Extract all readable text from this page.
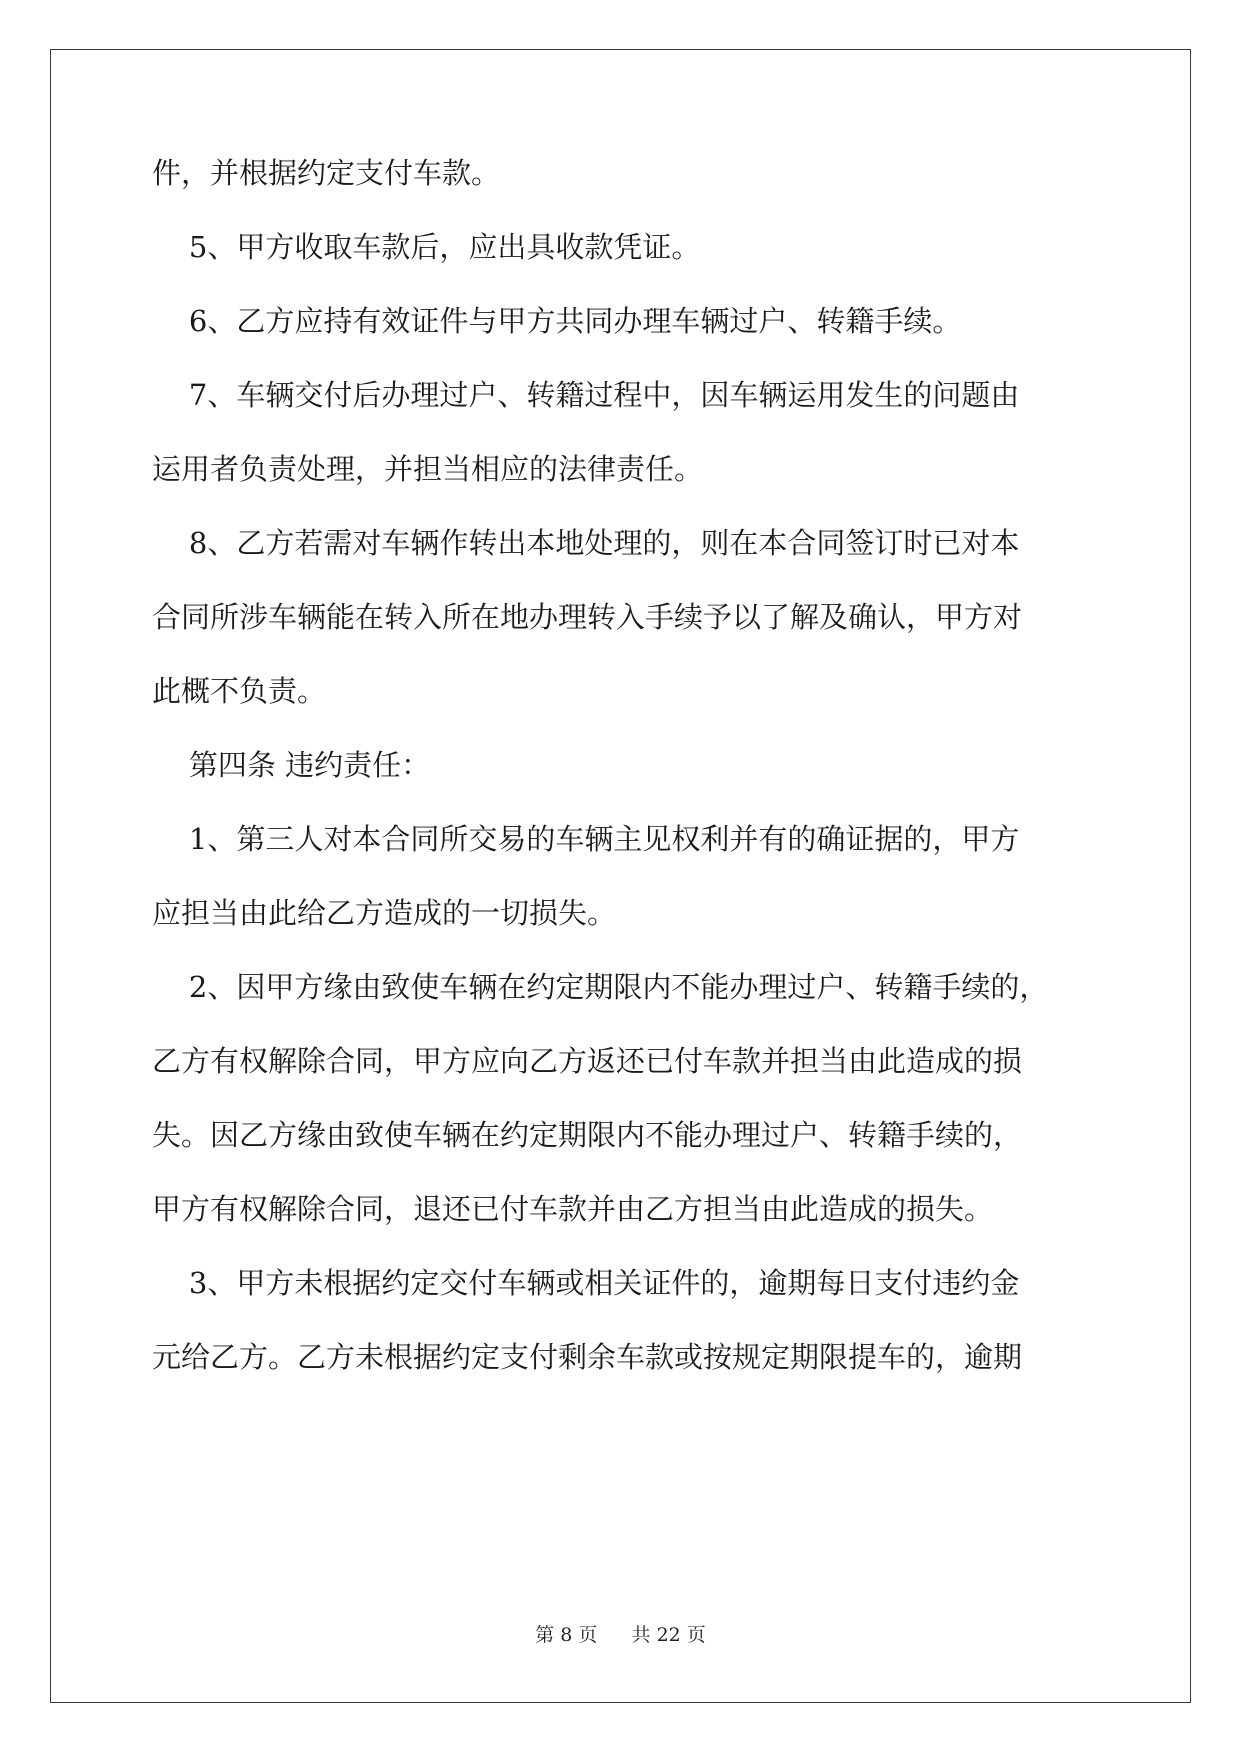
件，并根据约定支付车款。
5、甲方收取车款后，应出具收款凭证。
6、乙方应持有效证件与甲方共同办理车辆过户、转籍手续。
7、车辆交付后办理过户、转籍过程中，因车辆运用发生的问题由
运用者负责处理，并担当相应的法律责任。
8、乙方若需对车辆作转出本地处理的，则在本合同签订时已对本
合同所涉车辆能在转入所在地办理转入手续予以了解及确认，甲方对
此概不负责。
第四条 违约责任：
1、第三人对本合同所交易的车辆主见权利并有的确证据的，甲方
应担当由此给乙方造成的一切损失。
2、因甲方缘由致使车辆在约定期限内不能办理过户、转籍手续的，
乙方有权解除合同，甲方应向乙方返还已付车款并担当由此造成的损
失。因乙方缘由致使车辆在约定期限内不能办理过户、转籍手续的，
甲方有权解除合同，退还已付车款并由乙方担当由此造成的损失。
3、甲方未根据约定交付车辆或相关证件的，逾期每日支付违约金
元给乙方。乙方未根据约定支付剩余车款或按规定期限提车的，逾期
第 8 页 共 22 页
